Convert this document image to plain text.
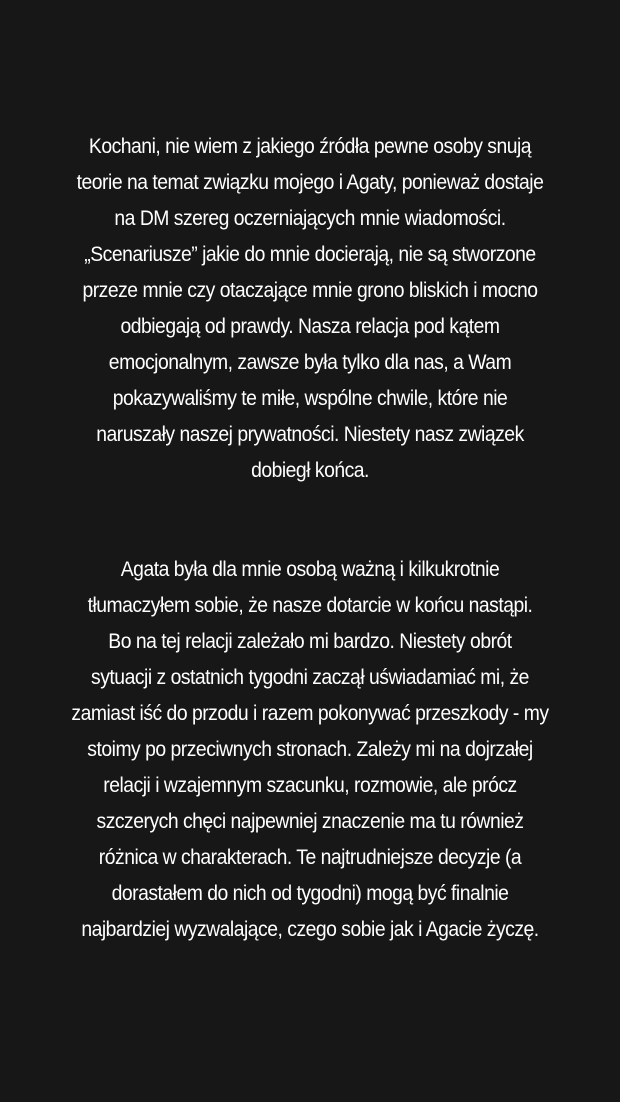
Kochani, nie wiem z jakiego źródła pewne osoby snują
teorie na temat związku mojego i Agaty, ponieważ dostaje
na DM szereg oczerniających mnie wiadomości.
„Scenariusze” jakie do mnie docierają, nie są stworzone
przeze mnie czy otaczające mnie grono bliskich i mocno
odbiegają od prawdy. Nasza relacja pod kątem
emocjonalnym, zawsze była tylko dla nas, a Wam
pokazywaliśmy te miłe, wspólne chwile, które nie
naruszały naszej prywatności. Niestety nasz związek
dobiegł końca.

Agata była dla mnie osobą ważną i kilkukrotnie
tłumaczyłem sobie, że nasze dotarcie w końcu nastąpi.
Bo na tej relacji zależało mi bardzo. Niestety obrót
sytuacji z ostatnich tygodni zaczął uświadamiać mi, że
zamiast iść do przodu i razem pokonywać przeszkody - my
stoimy po przeciwnych stronach. Zależy mi na dojrzałej
relacji i wzajemnym szacunku, rozmowie, ale prócz
szczerych chęci najpewniej znaczenie ma tu również
różnica w charakterach. Te najtrudniejsze decyzje (a
dorastałem do nich od tygodni) mogą być finalnie
najbardziej wyzwalające, czego sobie jak i Agacie życzę.
